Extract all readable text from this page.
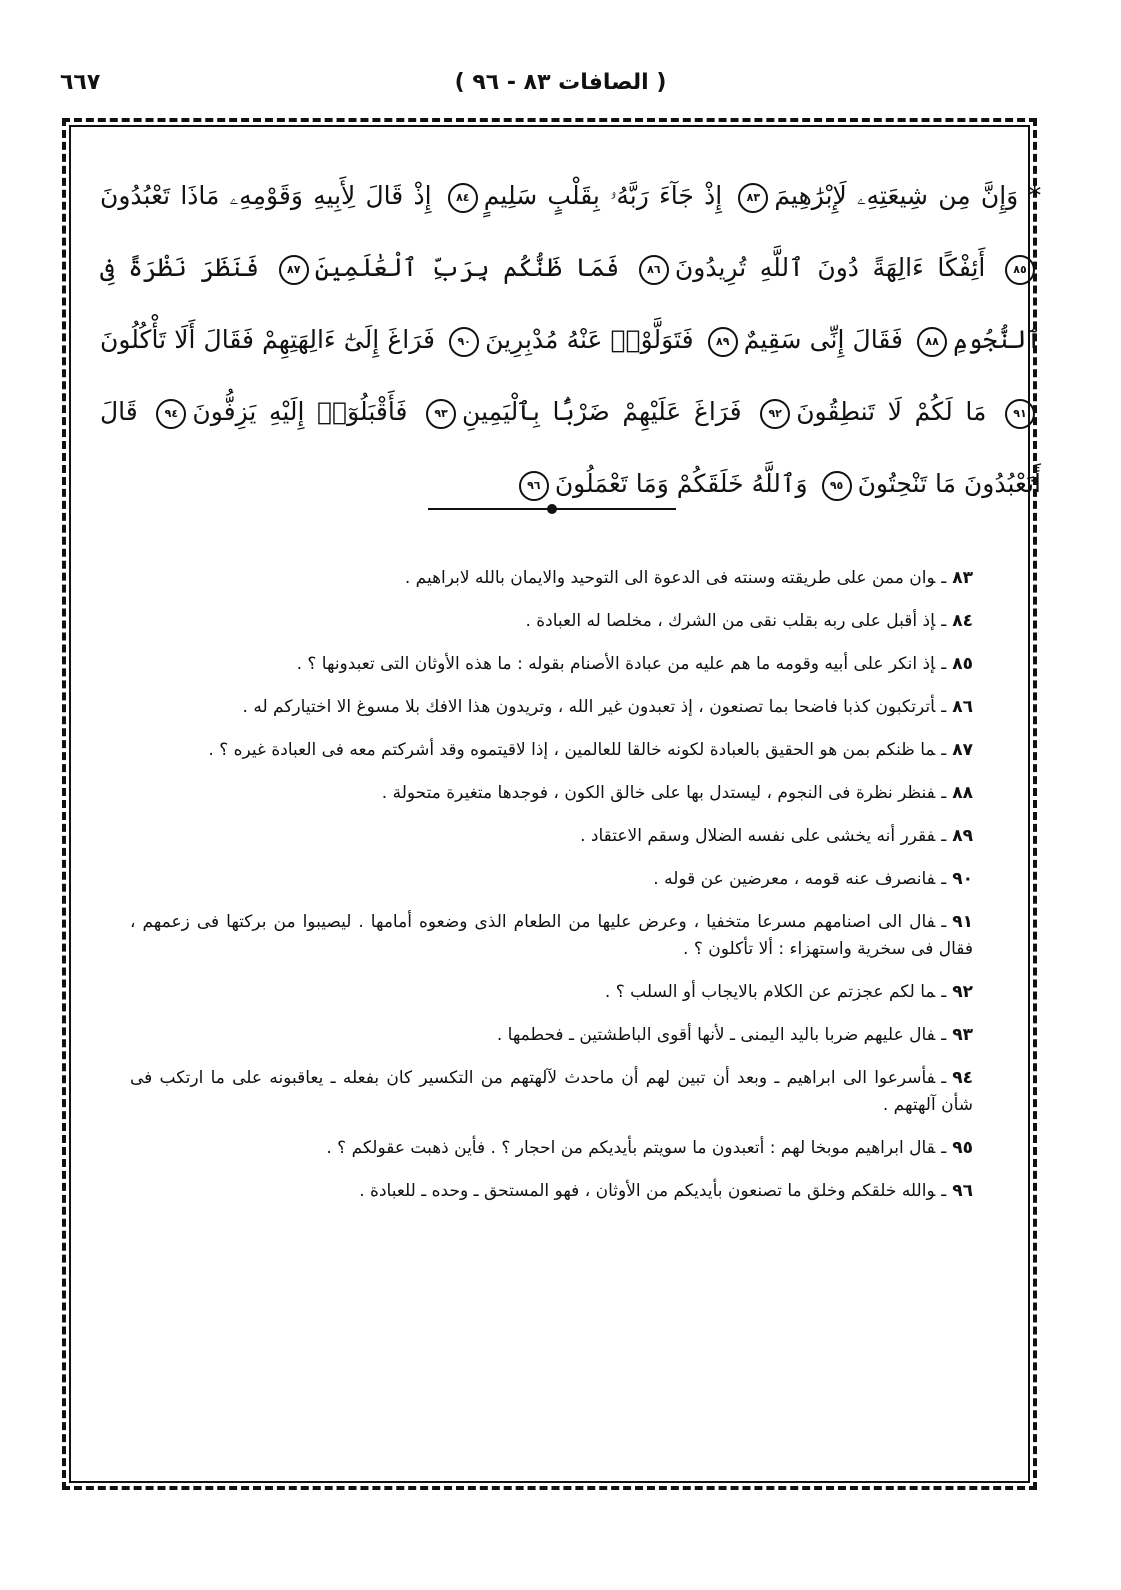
٦٦٧	( الصافات ٨٣ - ٩٦ )
* وَإِنَّ مِن شِيعَتِهِۦ لَإِبْرَٰهِيمَ٨٣ إِذْ جَآءَ رَبَّهُۥ بِقَلْبٍ سَلِيمٍ٨٤ إِذْ قَالَ لِأَبِيهِ وَقَوْمِهِۦ مَاذَا تَعْبُدُونَ٨٥ أَئِفْكًا ءَالِهَةً دُونَ ٱللَّهِ تُرِيدُونَ٨٦ فَمَا ظَنُّكُم بِرَبِّ ٱلْعَٰلَمِينَ٨٧ فَنَظَرَ نَظْرَةً فِى ٱلنُّجُومِ٨٨ فَقَالَ إِنِّى سَقِيمٌ٨٩ فَتَوَلَّوْا۟ عَنْهُ مُدْبِرِينَ٩٠ فَرَاغَ إِلَىٰٓ ءَالِهَتِهِمْ فَقَالَ أَلَا تَأْكُلُونَ٩١ مَا لَكُمْ لَا تَنطِقُونَ٩٢ فَرَاغَ عَلَيْهِمْ ضَرْبًۢا بِٱلْيَمِينِ٩٣ فَأَقْبَلُوٓا۟ إِلَيْهِ يَزِفُّونَ٩٤ قَالَ أَتَعْبُدُونَ مَا تَنْحِتُونَ٩٥ وَٱللَّهُ خَلَقَكُمْ وَمَا تَعْمَلُونَ٩٦
٨٣ـوان ممن على طريقته وسنته فى الدعوة الى التوحيد والايمان بالله لابراهيم .
٨٤ـإذ أقبل على ربه بقلب نقى من الشرك ، مخلصا له العبادة .
٨٥ـإذ انكر على أبيه وقومه ما هم عليه من عبادة الأصنام بقوله : ما هذه الأوثان التى تعبدونها ؟ .
٨٦ـأترتكبون كذبا فاضحا بما تصنعون ، إذ تعبدون غير الله ، وتريدون هذا الافك بلا مسوغ الا اختياركم له .
٨٧ـما ظنكم بمن هو الحقيق بالعبادة لكونه خالقا للعالمين ، إذا لاقيتموه وقد أشركتم معه فى العبادة غيره ؟ .
٨٨ـفنظر نظرة فى النجوم ، ليستدل بها على خالق الكون ، فوجدها متغيرة متحولة .
٨٩ـفقرر أنه يخشى على نفسه الضلال وسقم الاعتقاد .
٩٠ـفانصرف عنه قومه ، معرضين عن قوله .
٩١ـفال الى اصنامهم مسرعا متخفيا ، وعرض عليها من الطعام الذى وضعوه أمامها . ليصيبوا من بركتها فى زعمهم ، فقال فى سخرية واستهزاء : ألا تأكلون ؟ .
٩٢ـما لكم عجزتم عن الكلام بالايجاب أو السلب ؟ .
٩٣ـفال عليهم ضربا باليد اليمنى ـ لأنها أقوى الباطشتين ـ فحطمها .
٩٤ـفأسرعوا الى ابراهيم ـ وبعد أن تبين لهم أن ماحدث لآلهتهم من التكسير كان بفعله ـ يعاقبونه على ما ارتكب فى شأن آلهتهم .
٩٥ـقال ابراهيم موبخا لهم : أتعبدون ما سويتم بأيديكم من احجار ؟ . فأين ذهبت عقولكم ؟ .
٩٦ـوالله خلقكم وخلق ما تصنعون بأيديكم من الأوثان ، فهو المستحق ـ وحده ـ للعبادة .
